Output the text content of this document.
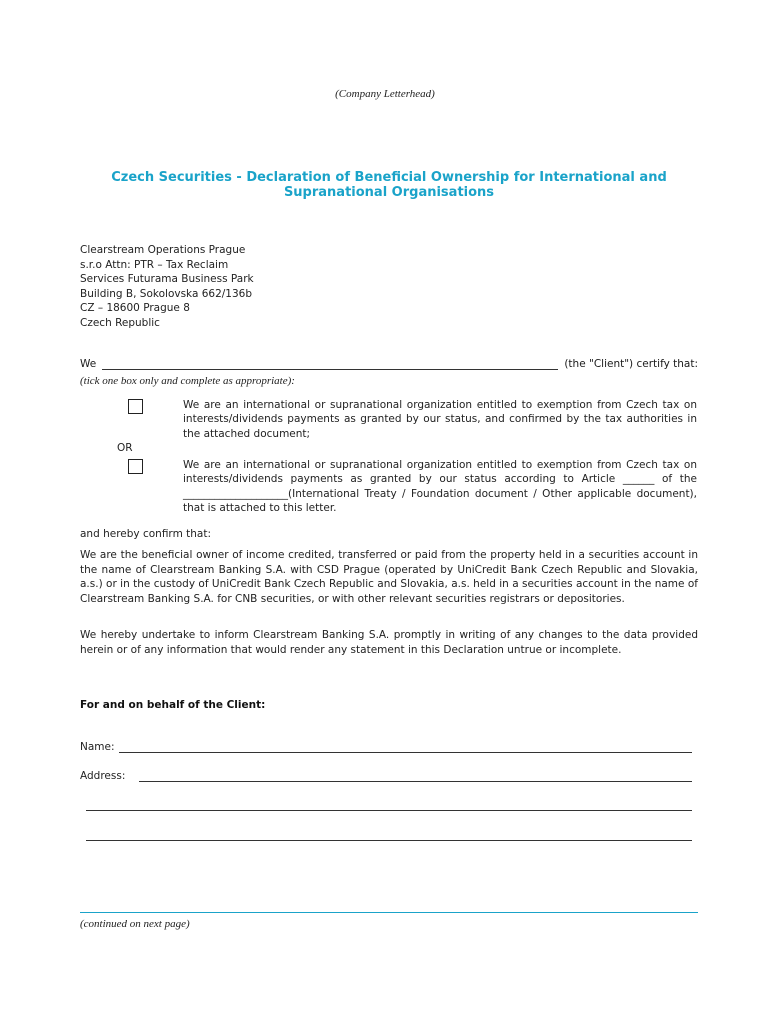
(Company Letterhead)
Czech Securities - Declaration of Beneficial Ownership for International and
Supranational Organisations
Clearstream Operations Prague
s.r.o Attn: PTR – Tax Reclaim
Services Futurama Business Park
Building B, Sokolovska 662/136b
CZ – 18600 Prague 8
Czech Republic
We	(the "Client") certify that:
(tick one box only and complete as appropriate):
We are an international or supranational organization entitled to exemption from Czech tax on interests/dividends payments as granted by our status, and confirmed by the tax authorities in the attached document;
OR
We are an international or supranational organization entitled to exemption from Czech tax on interests/dividends payments as granted by our status according to Article ______ of the ____________________(International Treaty / Foundation document / Other applicable document), that is attached to this letter.
and hereby confirm that:
We are the beneficial owner of income credited, transferred or paid from the property held in a securities account in the name of Clearstream Banking S.A. with CSD Prague (operated by UniCredit Bank Czech Republic and Slovakia, a.s.) or in the custody of UniCredit Bank Czech Republic and Slovakia, a.s. held in a securities account in the name of Clearstream Banking S.A. for CNB securities, or with other relevant securities registrars or depositories.
We hereby undertake to inform Clearstream Banking S.A. promptly in writing of any changes to the data provided herein or of any information that would render any statement in this Declaration untrue or incomplete.
For and on behalf of the Client:
Name:
Address:
(continued on next page)
